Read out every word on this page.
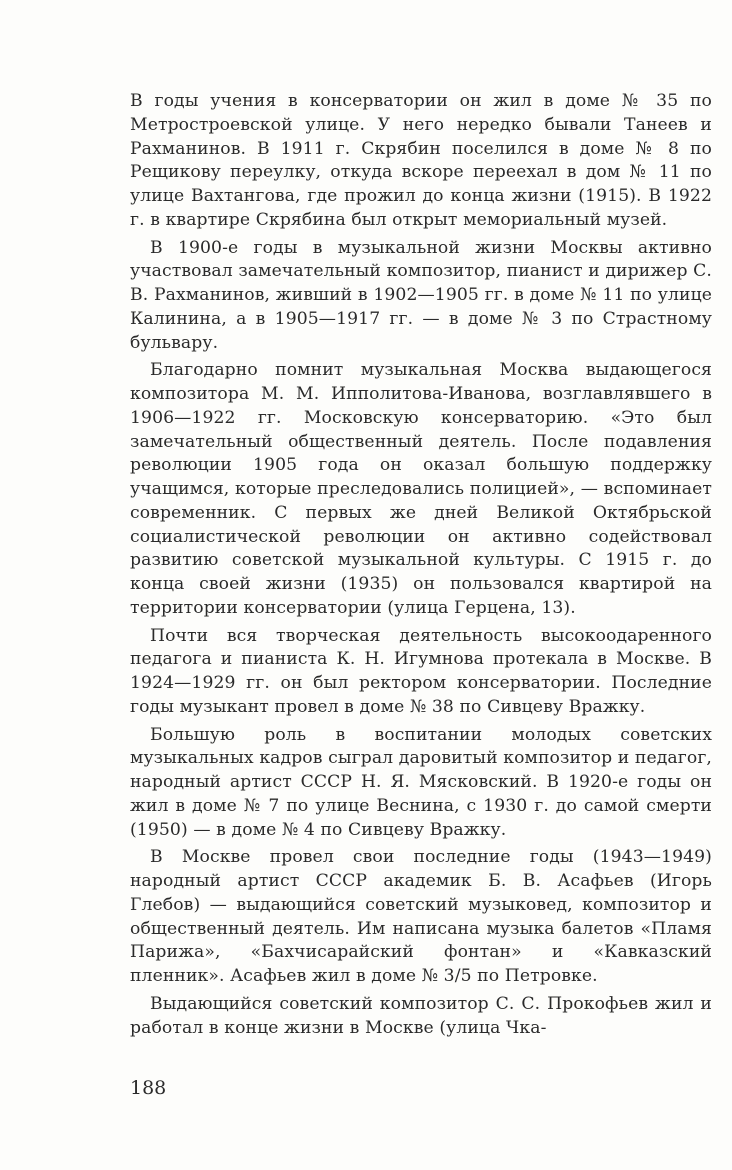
В годы учения в консерватории он жил в доме № 35 по Метростроевской улице. У него нередко бывали Танеев и Рахманинов. В 1911 г. Скрябин поселился в доме № 8 по Рещикову переулку, откуда вскоре переехал в дом № 11 по улице Вахтангова, где прожил до конца жизни (1915). В 1922 г. в квартире Скрябина был открыт мемориальный музей.

В 1900-е годы в музыкальной жизни Москвы активно участвовал замечательный композитор, пианист и дирижер С. В. Рахманинов, живший в 1902—1905 гг. в доме № 11 по улице Калинина, а в 1905—1917 гг. — в доме № 3 по Страстному бульвару.

Благодарно помнит музыкальная Москва выдающегося композитора М. М. Ипполитова-Иванова, возглавлявшего в 1906—1922 гг. Московскую консерваторию. «Это был замечательный общественный деятель. После подавления революции 1905 года он оказал большую поддержку учащимся, которые преследовались полицией», — вспоминает современник. С первых же дней Великой Октябрьской социалистической революции он активно содействовал развитию советской музыкальной культуры. С 1915 г. до конца своей жизни (1935) он пользовался квартирой на территории консерватории (улица Герцена, 13).

Почти вся творческая деятельность высокоодаренного педагога и пианиста К. Н. Игумнова протекала в Москве. В 1924—1929 гг. он был ректором консерватории. Последние годы музыкант провел в доме № 38 по Сивцеву Вражку.

Большую роль в воспитании молодых советских музыкальных кадров сыграл даровитый композитор и педагог, народный артист СССР Н. Я. Мясковский. В 1920-е годы он жил в доме № 7 по улице Веснина, с 1930 г. до самой смерти (1950) — в доме № 4 по Сивцеву Вражку.

В Москве провел свои последние годы (1943—1949) народный артист СССР академик Б. В. Асафьев (Игорь Глебов) — выдающийся советский музыковед, композитор и общественный деятель. Им написана музыка балетов «Пламя Парижа», «Бахчисарайский фонтан» и «Кавказский пленник». Асафьев жил в доме № 3/5 по Петровке.

Выдающийся советский композитор С. С. Прокофьев жил и работал в конце жизни в Москве (улица Чка-

188
